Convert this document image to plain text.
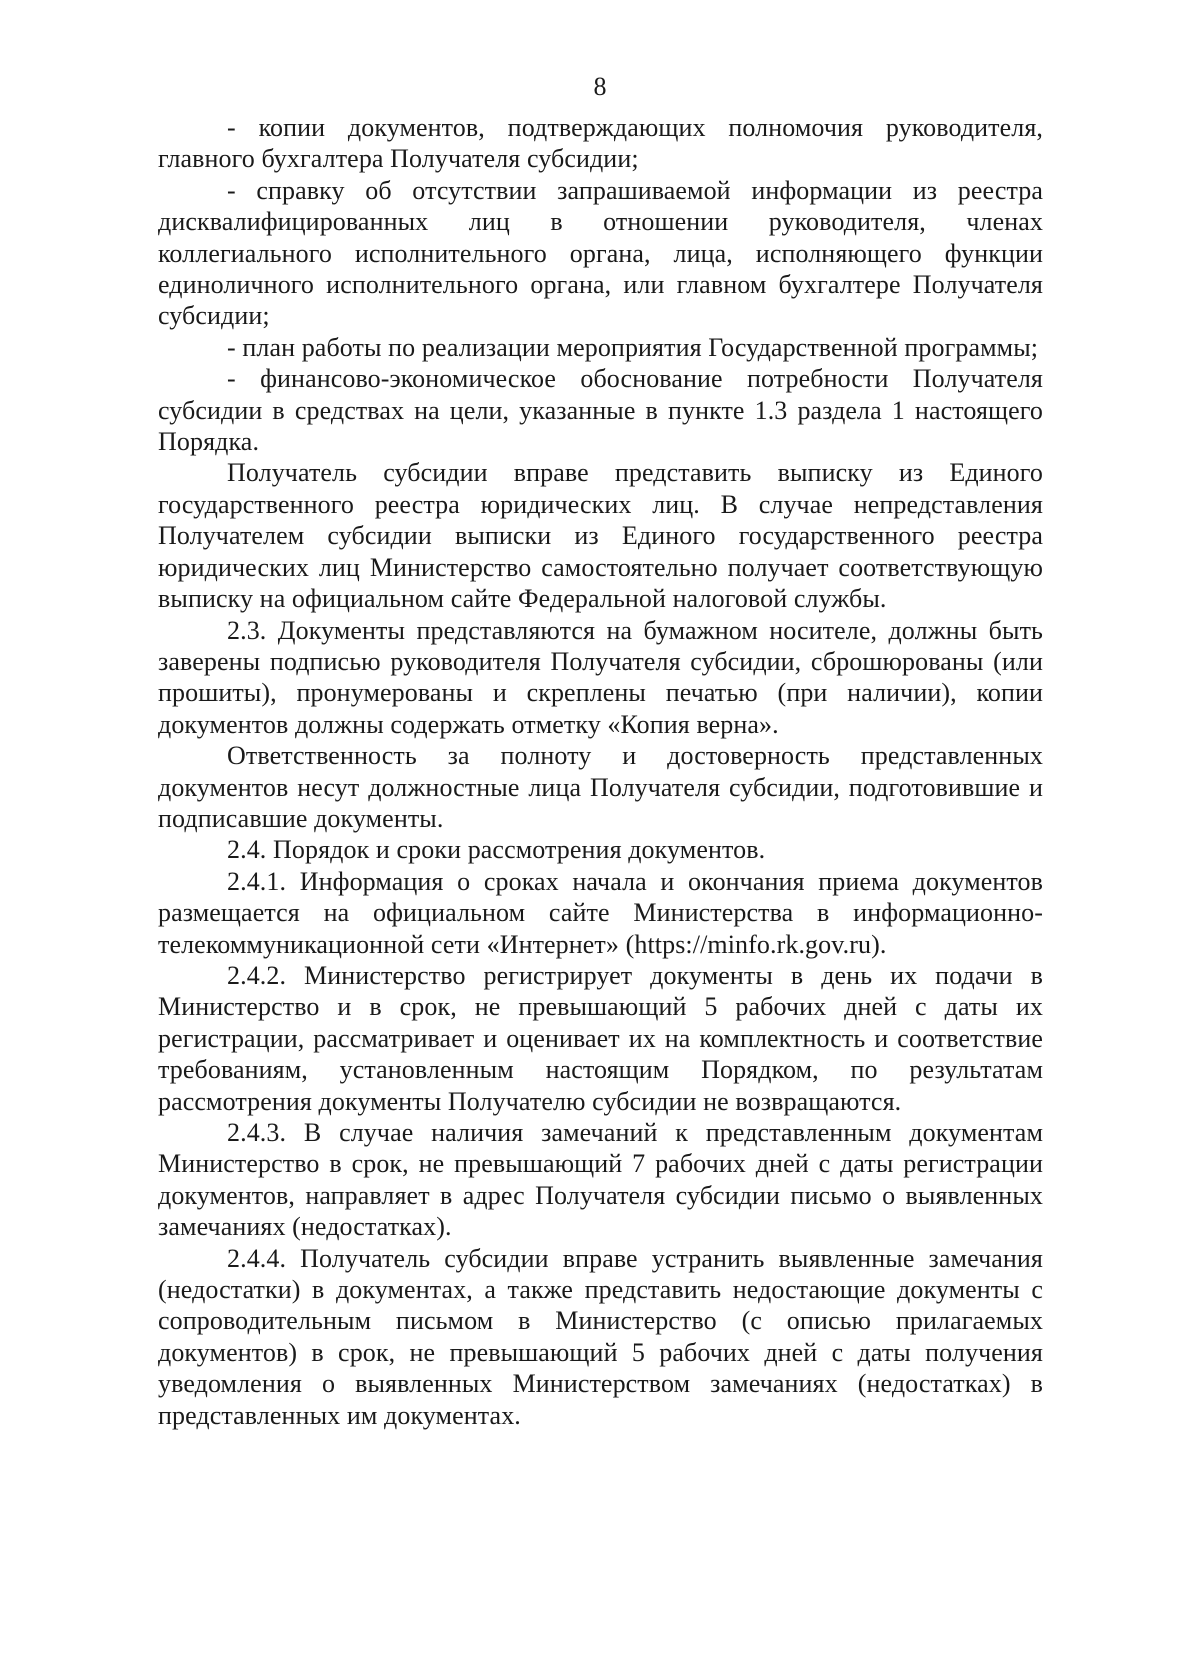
8

- копии документов, подтверждающих полномочия руководителя, главного бухгалтера Получателя субсидии;

- справку об отсутствии запрашиваемой информации из реестра дисквалифицированных лиц в отношении руководителя, членах коллегиального исполнительного органа, лица, исполняющего функции единоличного исполнительного органа, или главном бухгалтере Получателя субсидии;

- план работы по реализации мероприятия Государственной программы;

- финансово-экономическое обоснование потребности Получателя субсидии в средствах на цели, указанные в пункте 1.3 раздела 1 настоящего Порядка.

Получатель субсидии вправе представить выписку из Единого государственного реестра юридических лиц. В случае непредставления Получателем субсидии выписки из Единого государственного реестра юридических лиц Министерство самостоятельно получает соответствующую выписку на официальном сайте Федеральной налоговой службы.

2.3. Документы представляются на бумажном носителе, должны быть заверены подписью руководителя Получателя субсидии, сброшюрованы (или прошиты), пронумерованы и скреплены печатью (при наличии), копии документов должны содержать отметку «Копия верна».

Ответственность за полноту и достоверность представленных документов несут должностные лица Получателя субсидии, подготовившие и подписавшие документы.

2.4. Порядок и сроки рассмотрения документов.

2.4.1. Информация о сроках начала и окончания приема документов размещается на официальном сайте Министерства в информационно-телекоммуникационной сети «Интернет» (https://minfo.rk.gov.ru).

2.4.2. Министерство регистрирует документы в день их подачи в Министерство и в срок, не превышающий 5 рабочих дней с даты их регистрации, рассматривает и оценивает их на комплектность и соответствие требованиям, установленным настоящим Порядком, по результатам рассмотрения документы Получателю субсидии не возвращаются.

2.4.3. В случае наличия замечаний к представленным документам Министерство в срок, не превышающий 7 рабочих дней с даты регистрации документов, направляет в адрес Получателя субсидии письмо о выявленных замечаниях (недостатках).

2.4.4. Получатель субсидии вправе устранить выявленные замечания (недостатки) в документах, а также представить недостающие документы с сопроводительным письмом в Министерство (с описью прилагаемых документов) в срок, не превышающий 5 рабочих дней с даты получения уведомления о выявленных Министерством замечаниях (недостатках) в представленных им документах.
